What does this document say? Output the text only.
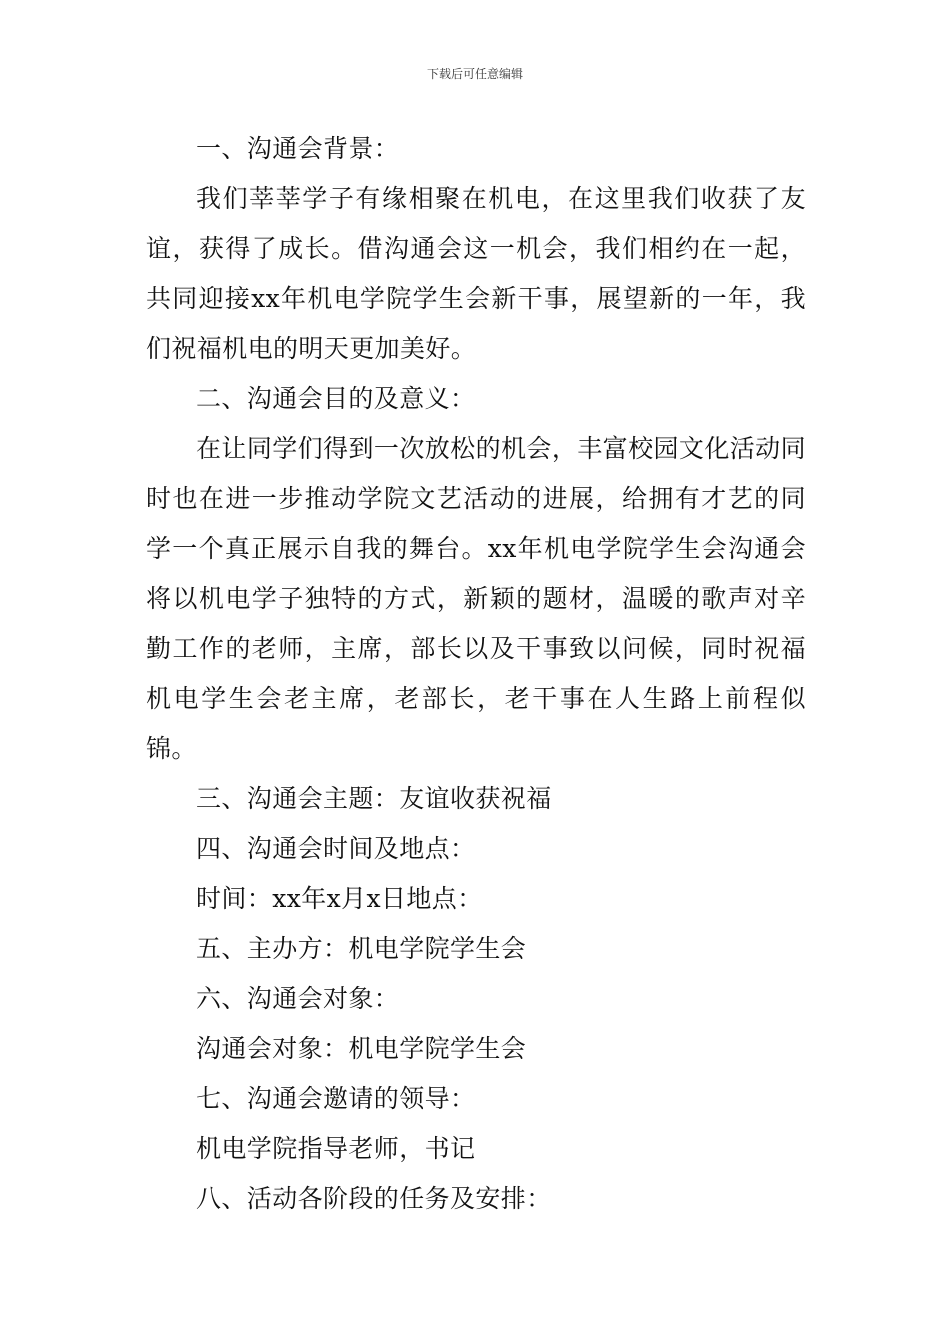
下载后可任意编辑

一、沟通会背景：

我们莘莘学子有缘相聚在机电，在这里我们收获了友谊，获得了成长。借沟通会这一机会，我们相约在一起，共同迎接xx年机电学院学生会新干事，展望新的一年，我们祝福机电的明天更加美好。

二、沟通会目的及意义：

在让同学们得到一次放松的机会，丰富校园文化活动同时也在进一步推动学院文艺活动的进展，给拥有才艺的同学一个真正展示自我的舞台。xx年机电学院学生会沟通会将以机电学子独特的方式，新颖的题材，温暖的歌声对辛勤工作的老师，主席，部长以及干事致以问候，同时祝福机电学生会老主席，老部长，老干事在人生路上前程似锦。

三、沟通会主题：友谊收获祝福

四、沟通会时间及地点：

时间：xx年x月x日地点：

五、主办方：机电学院学生会

六、沟通会对象：

沟通会对象：机电学院学生会

七、沟通会邀请的领导：

机电学院指导老师，书记

八、活动各阶段的任务及安排：
